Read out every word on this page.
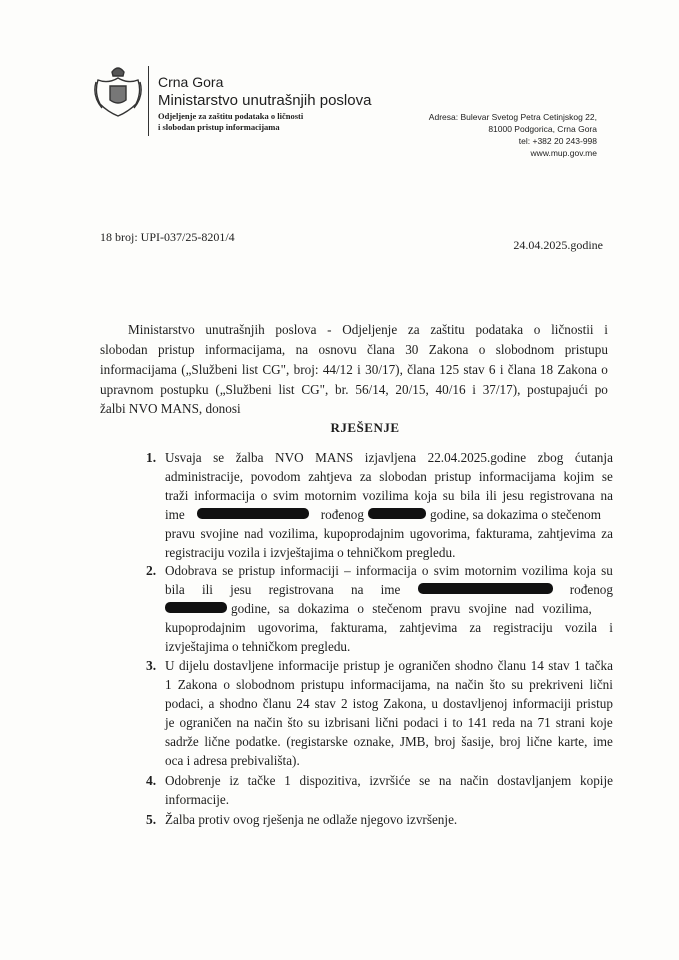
Crna Gora
Ministarstvo unutrašnjih poslova
Odjeljenje za zaštitu podataka o ličnosti
i slobodan pristup informacijama
Adresa: Bulevar Svetog Petra Cetinjskog 22,
81000 Podgorica, Crna Gora
tel: +382 20 243-998
www.mup.gov.me
18 broj: UPI-037/25-8201/4
24.04.2025.godine
Ministarstvo unutrašnjih poslova - Odjeljenje za zaštitu podataka o ličnostii i
slobodan pristup informacijama, na osnovu člana 30 Zakona o slobodnom pristupu
informacijama („Službeni list CG", broj: 44/12 i 30/17), člana 125 stav 6 i člana 18 Zakona o
upravnom postupku („Službeni list CG", br. 56/14, 20/15, 40/16 i 37/17), postupajući po
žalbi NVO MANS, donosi
RJEŠENJE
1. Usvaja se žalba NVO MANS izjavljena 22.04.2025.godine zbog ćutanja
administracije, povodom zahtjeva za slobodan pristup informacijama kojim se
traži informacija o svim motornim vozilima koja su bila ili jesu registrovana na
ime	rođenog	godine, sa dokazima o stečenom
pravu svojine nad vozilima, kupoprodajnim ugovorima, fakturama, zahtjevima za
registraciju vozila i izvještajima o tehničkom pregledu.
2. Odobrava se pristup informaciji – informacija o svim motornim vozilima koja su
bila ili jesu registrovana na ime	rođenog
godine, sa dokazima o stečenom pravu svojine nad vozilima,
kupoprodajnim ugovorima, fakturama, zahtjevima za registraciju vozila i
izvještajima o tehničkom pregledu.
3. U dijelu dostavljene informacije pristup je ograničen shodno članu 14 stav 1 tačka
1 Zakona o slobodnom pristupu informacijama, na način što su prekriveni lični
podaci, a shodno članu 24 stav 2 istog Zakona, u dostavljenoj informaciji pristup
je ograničen na način što su izbrisani lični podaci i to 141 reda na 71 strani koje
sadrže lične podatke. (registarske oznake, JMB, broj šasije, broj lične karte, ime
oca i adresa prebivališta).
4. Odobrenje iz tačke 1 dispozitiva, izvršiće se na način dostavljanjem kopije
informacije.
5. Žalba protiv ovog rješenja ne odlaže njegovo izvršenje.
